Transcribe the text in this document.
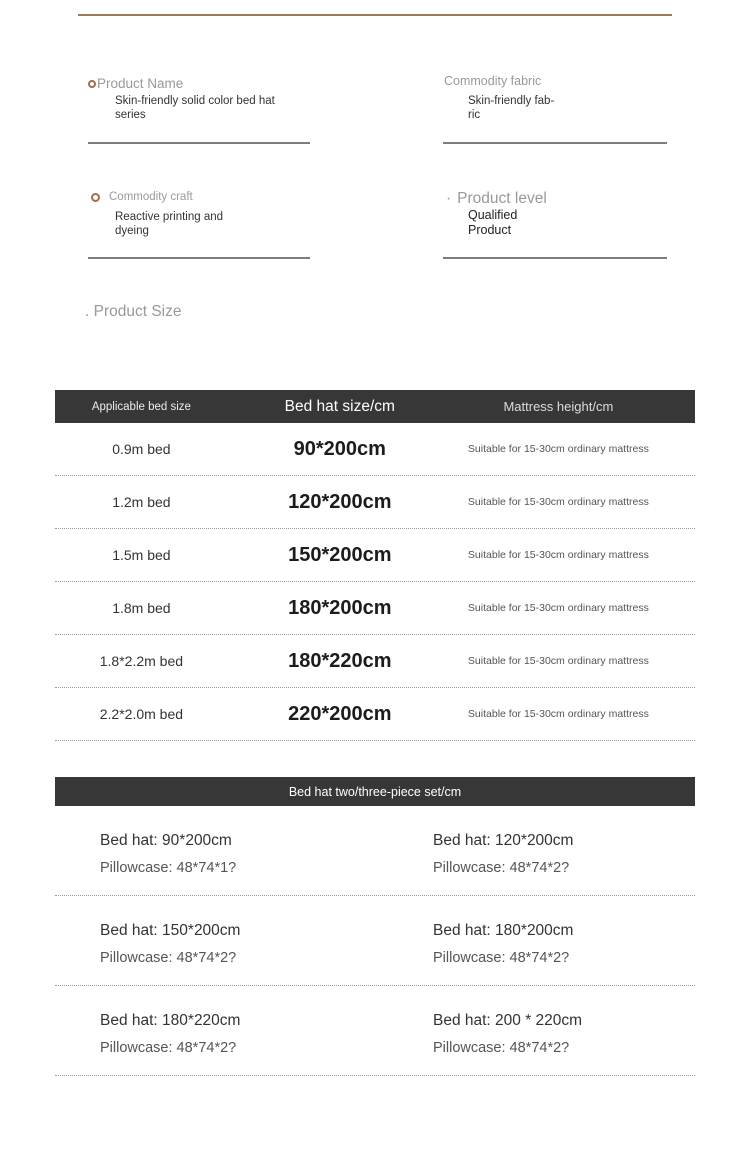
Product Name
Skin-friendly solid color bed hat
series
Commodity fabric
Skin-friendly fab-
ric
Commodity craft
Reactive printing and
dyeing
· Product level
Qualified
Product
. Product Size
Applicable bed size	Bed hat size/cm	Mattress height/cm
0.9m bed	90*200cm	Suitable for 15-30cm ordinary mattress
1.2m bed	120*200cm	Suitable for 15-30cm ordinary mattress
1.5m bed	150*200cm	Suitable for 15-30cm ordinary mattress
1.8m bed	180*200cm	Suitable for 15-30cm ordinary mattress
1.8*2.2m bed	180*220cm	Suitable for 15-30cm ordinary mattress
2.2*2.0m bed	220*200cm	Suitable for 15-30cm ordinary mattress
Bed hat two/three-piece set/cm
Bed hat: 90*200cm
Pillowcase: 48*74*1?
Bed hat: 120*200cm
Pillowcase: 48*74*2?
Bed hat: 150*200cm
Pillowcase: 48*74*2?
Bed hat: 180*200cm
Pillowcase: 48*74*2?
Bed hat: 180*220cm
Pillowcase: 48*74*2?
Bed hat: 200 * 220cm
Pillowcase: 48*74*2?
